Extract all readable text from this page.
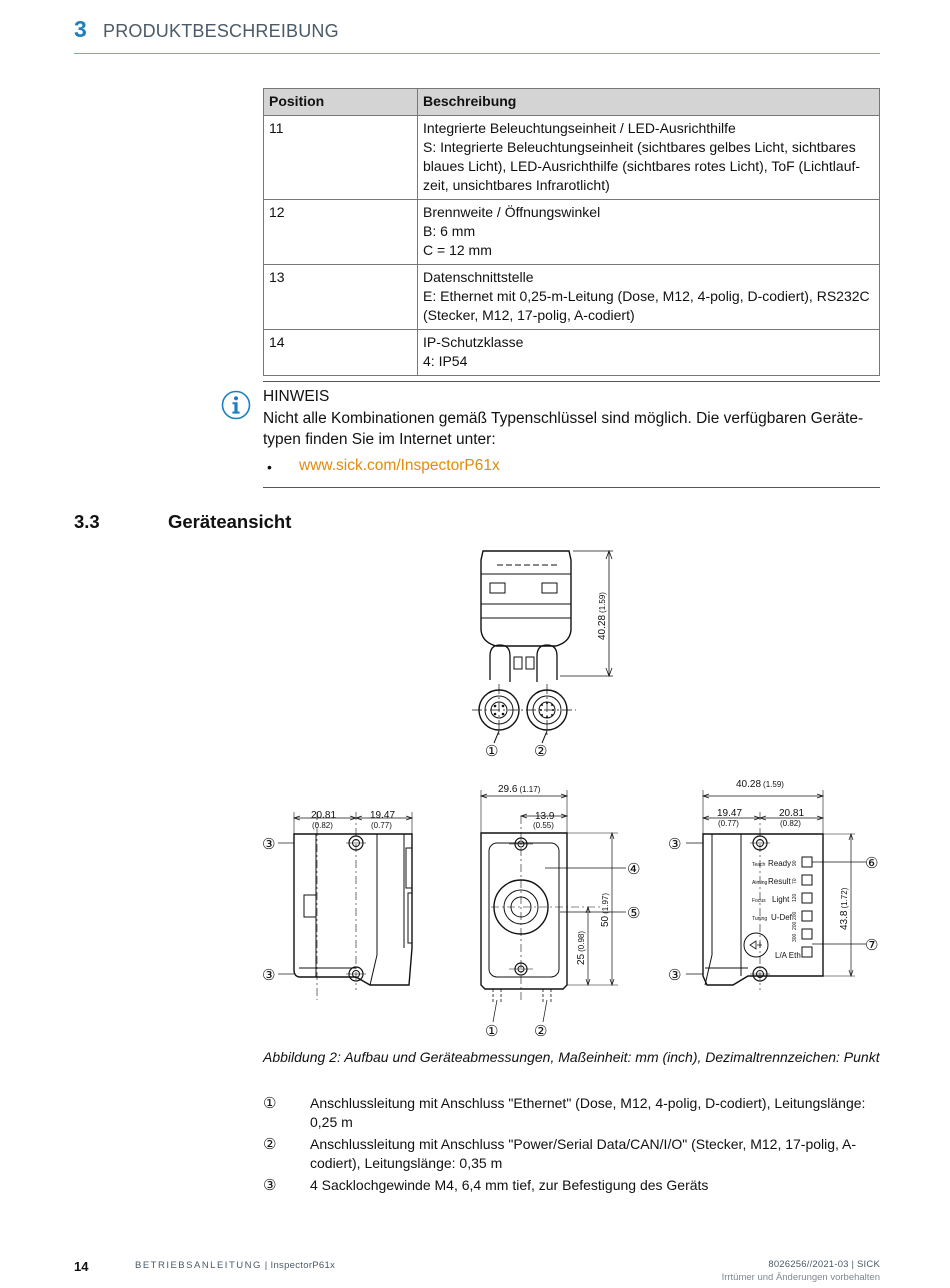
3 PRODUKTBESCHREIBUNG
Position	Beschreibung
11	Integrierte Beleuchtungseinheit / LED-Ausrichthilfe
S: Integrierte Beleuchtungseinheit (sichtbares gelbes Licht, sichtbares blaues Licht), LED-Ausrichthilfe (sichtbares rotes Licht), ToF (Lichtlauf-zeit, unsichtbares Infrarotlicht)

12	Brennweite / Öffnungswinkel
B: 6 mm
C = 12 mm

13	Datenschnittstelle
E: Ethernet mit 0,25-m-Leitung (Dose, M12, 4-polig, D-codiert), RS232C (Stecker, M12, 17-polig, A-codiert)

14	IP-Schutzklasse
4: IP54
HINWEIS
Nicht alle Kombinationen gemäß Typenschlüssel sind möglich. Die verfügbaren Geräte-typen finden Sie im Internet unter:
• www.sick.com/InspectorP61x
3.3	Geräteansicht
40.28(1.59)
29.6 (1.17)
13.9
(0.55)
50(1.97)
25(0.98)
20.81
(0.82)
19.47
(0.77)
40.28 (1.59)
19.47
(0.77)
20.81
(0.82)
43.8(1.72)
Teach Ready
Aiming Result
Focus Light
Tuning U-Def
L/A Eth
90
70
120
200
200
300
① ②
③
③
④
⑤
③
③
⑥
⑦
① ②
Abbildung 2: Aufbau und Geräteabmessungen, Maßeinheit: mm (inch), Dezimaltrennzeichen: Punkt
① Anschlussleitung mit Anschluss "Ethernet" (Dose, M12, 4-polig, D-codiert), Leitungslänge: 0,25 m
② Anschlussleitung mit Anschluss "Power/Serial Data/CAN/I/O" (Stecker, M12, 17-polig, A-codiert), Leitungslänge: 0,35 m
③ 4 Sacklochgewinde M4, 6,4 mm tief, zur Befestigung des Geräts
14	BETRIEBSANLEITUNG | InspectorP61x	8026256//2021-03 | SICK
Irrtümer und Änderungen vorbehalten
